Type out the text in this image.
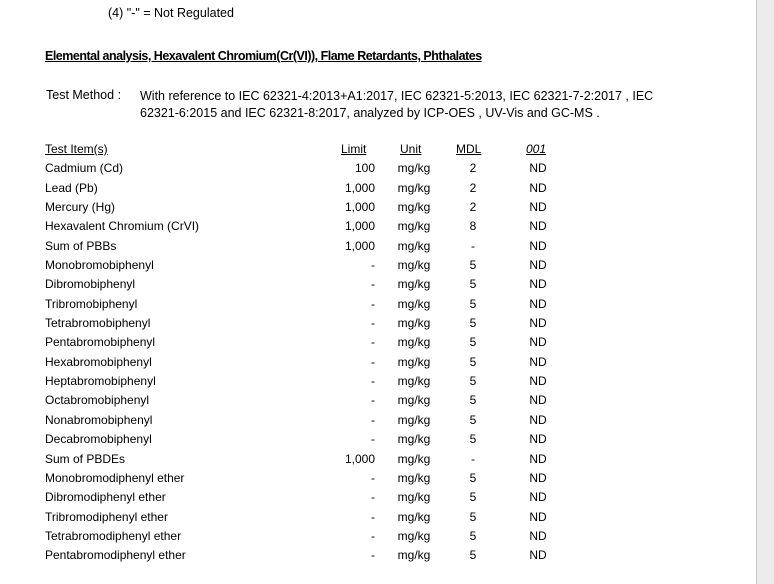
(4) "-" = Not Regulated
Elemental analysis, Hexavalent Chromium(Cr(VI)), Flame Retardants, Phthalates
Test Method : With reference to IEC 62321-4:2013+A1:2017, IEC 62321-5:2013, IEC 62321-7-2:2017 , IEC
62321-6:2015 and IEC 62321-8:2017, analyzed by ICP-OES , UV-Vis and GC-MS .
Test Item(s)	Limit	Unit	MDL	001
Cadmium (Cd)	100	mg/kg	2	ND
Lead (Pb)	1,000	mg/kg	2	ND
Mercury (Hg)	1,000	mg/kg	2	ND
Hexavalent Chromium (CrVI)	1,000	mg/kg	8	ND
Sum of PBBs	1,000	mg/kg	-	ND
Monobromobiphenyl	-	mg/kg	5	ND
Dibromobiphenyl	-	mg/kg	5	ND
Tribromobiphenyl	-	mg/kg	5	ND
Tetrabromobiphenyl	-	mg/kg	5	ND
Pentabromobiphenyl	-	mg/kg	5	ND
Hexabromobiphenyl	-	mg/kg	5	ND
Heptabromobiphenyl	-	mg/kg	5	ND
Octabromobiphenyl	-	mg/kg	5	ND
Nonabromobiphenyl	-	mg/kg	5	ND
Decabromobiphenyl	-	mg/kg	5	ND
Sum of PBDEs	1,000	mg/kg	-	ND
Monobromodiphenyl ether	-	mg/kg	5	ND
Dibromodiphenyl ether	-	mg/kg	5	ND
Tribromodiphenyl ether	-	mg/kg	5	ND
Tetrabromodiphenyl ether	-	mg/kg	5	ND
Pentabromodiphenyl ether	-	mg/kg	5	ND
